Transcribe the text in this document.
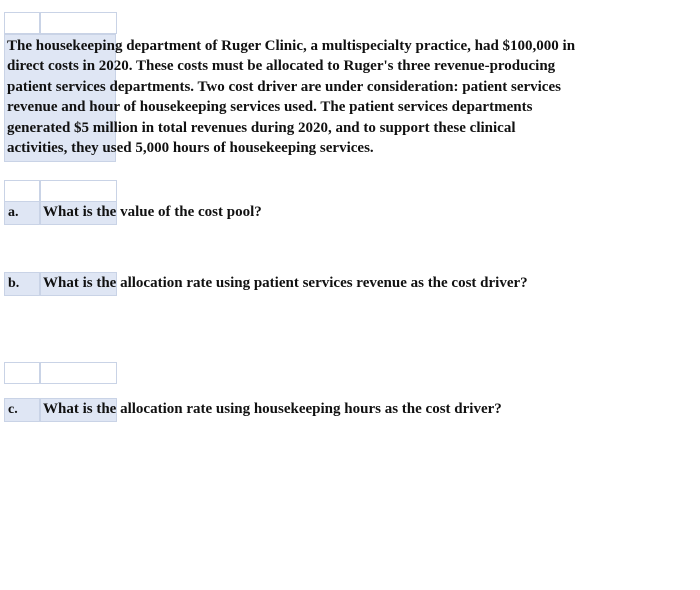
The housekeeping department of Ruger Clinic, a multispecialty practice, had $100,000 in
direct costs in 2020. These costs must be allocated to Ruger's three revenue-producing
patient services departments. Two cost driver are under consideration: patient services
revenue and hour of housekeeping services used. The patient services departments
generated $5 million in total revenues during 2020, and to support these clinical
activities, they used 5,000 hours of housekeeping services.
a. What is the value of the cost pool?
b. What is the allocation rate using patient services revenue as the cost driver?
c. What is the allocation rate using housekeeping hours as the cost driver?
